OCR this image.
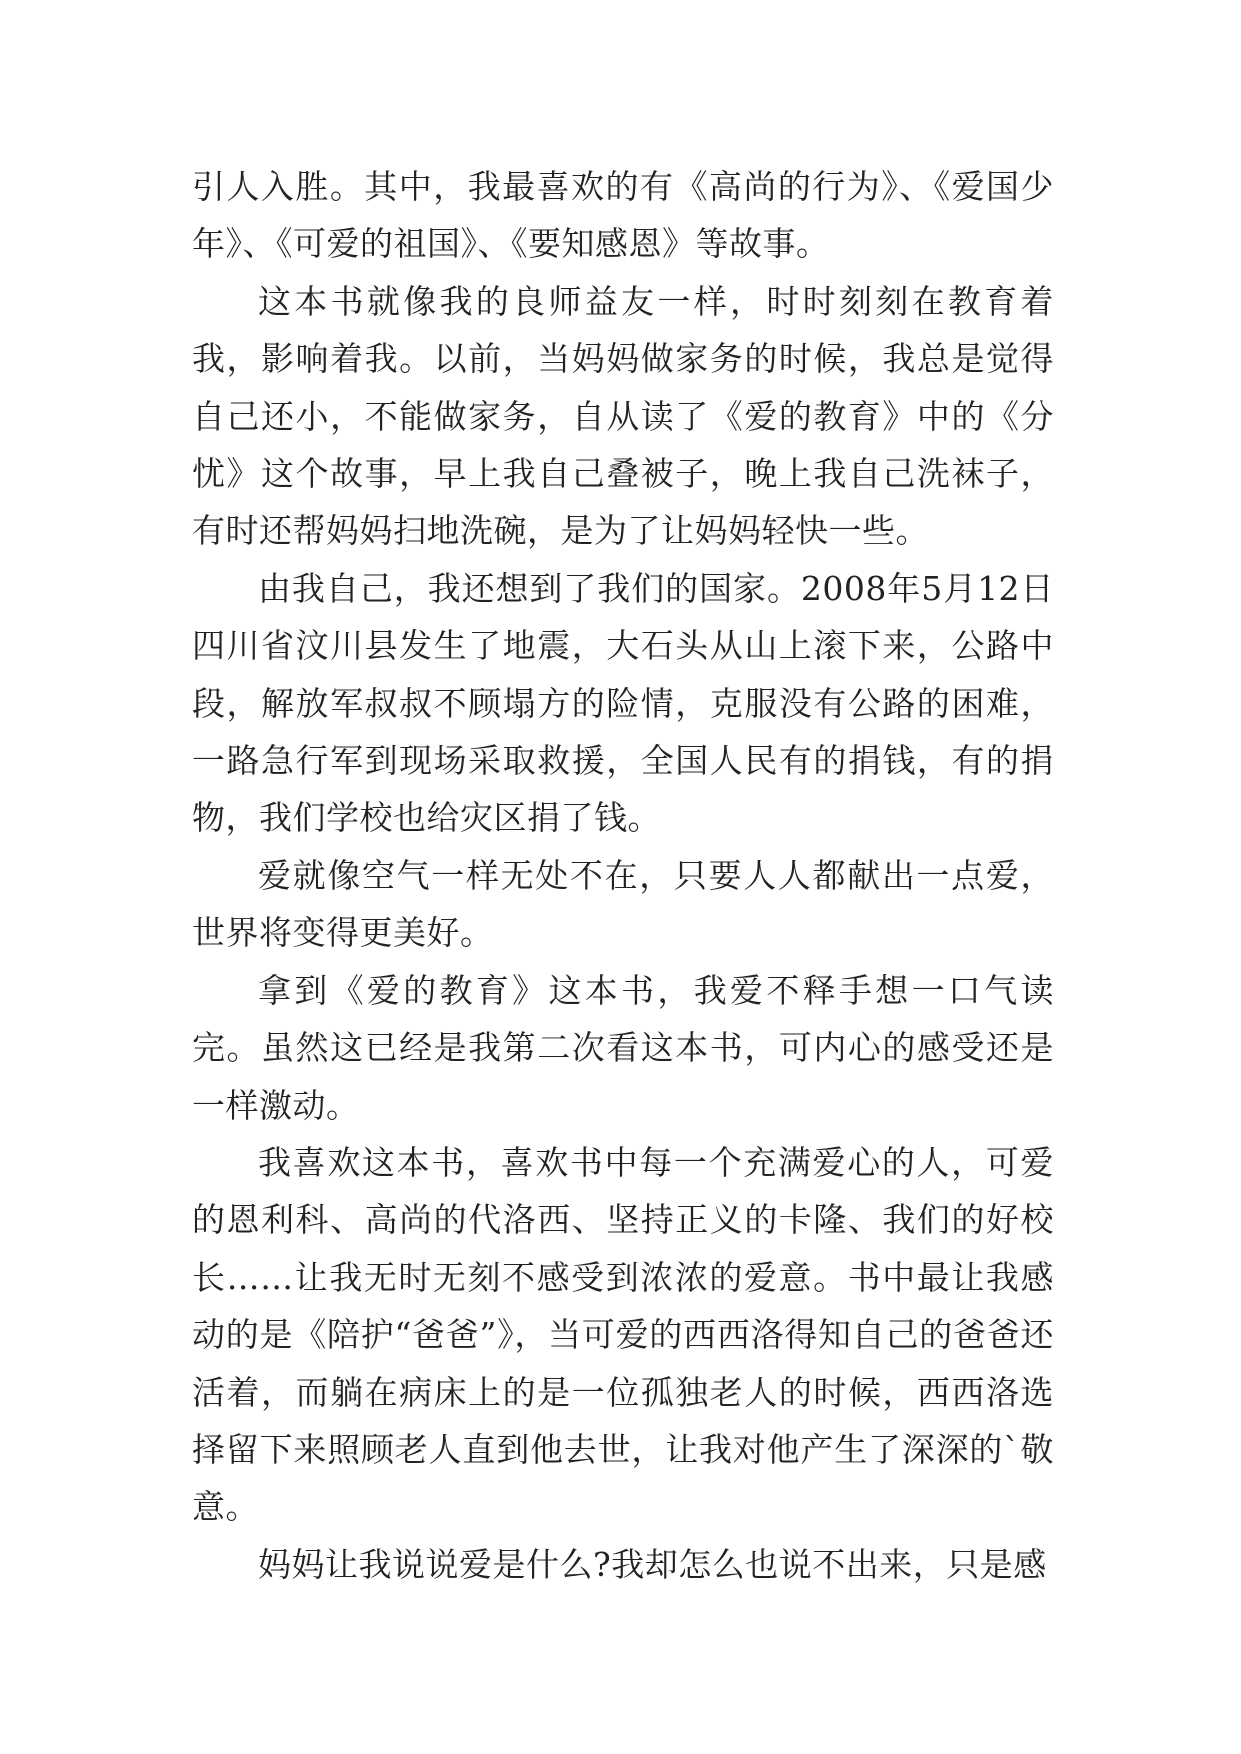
引人入胜。其中，我最喜欢的有《高尚的行为》、《爱国少年》、《可爱的祖国》、《要知感恩》等故事。

这本书就像我的良师益友一样，时时刻刻在教育着我，影响着我。以前，当妈妈做家务的时候，我总是觉得自己还小，不能做家务，自从读了《爱的教育》中的《分忧》这个故事，早上我自己叠被子，晚上我自己洗袜子，有时还帮妈妈扫地洗碗，是为了让妈妈轻快一些。

由我自己，我还想到了我们的国家。2008年5月12日四川省汶川县发生了地震，大石头从山上滚下来，公路中段，解放军叔叔不顾塌方的险情，克服没有公路的困难，一路急行军到现场采取救援，全国人民有的捐钱，有的捐物，我们学校也给灾区捐了钱。

爱就像空气一样无处不在，只要人人都献出一点爱，世界将变得更美好。

拿到《爱的教育》这本书，我爱不释手想一口气读完。虽然这已经是我第二次看这本书，可内心的感受还是一样激动。

我喜欢这本书，喜欢书中每一个充满爱心的人，可爱的恩利科、高尚的代洛西、坚持正义的卡隆、我们的好校长……让我无时无刻不感受到浓浓的爱意。书中最让我感动的是《陪护“爸爸”》，当可爱的西西洛得知自己的爸爸还活着，而躺在病床上的是一位孤独老人的时候，西西洛选择留下来照顾老人直到他去世，让我对他产生了深深的`敬意。

妈妈让我说说爱是什么?我却怎么也说不出来，只是感
